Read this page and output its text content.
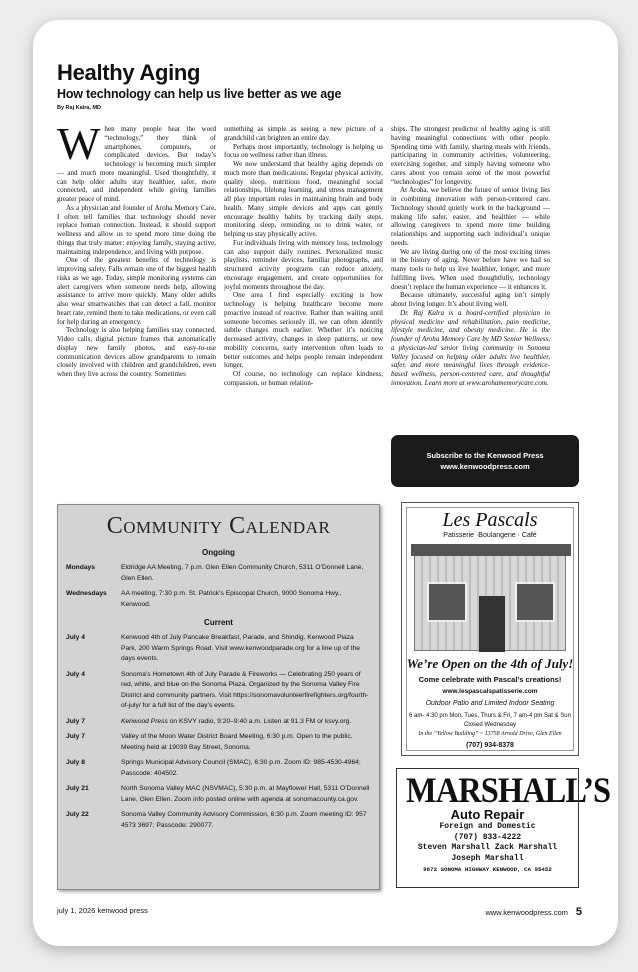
Healthy Aging
How technology can help us live better as we age
By Raj Kalra, MD
W hen many people hear the word “technology,” they think of smartphones, computers, or complicated devices. But today’s technology is becoming much simpler — and much more meaningful. Used thoughtfully, it can help older adults stay healthier, safer, more connected, and independent while giving families greater peace of mind.

As a physician and founder of Aroha Memory Care, I often tell families that technology should never replace human connection. Instead, it should support wellness and allow us to spend more time doing the things that truly matter: enjoying family, staying active, maintaining independence, and living with purpose.

One of the greatest benefits of technology is improving safety. Falls remain one of the biggest health risks as we age. Today, simple monitoring systems can alert caregivers when someone needs help, allowing assistance to arrive more quickly. Many older adults also wear smartwatches that can detect a fall, monitor heart rate, remind them to take medications, or even call for help during an emergency.

Technology is also helping families stay connected. Video calls, digital picture frames that automatically display new family photos, and easy-to-use communication devices allow grandparents to remain closely involved with children and grandchildren, even when they live across the country. Sometimes

something as simple as seeing a new picture of a grandchild can brighten an entire day.

Perhaps most importantly, technology is helping us focus on wellness rather than illness.

We now understand that healthy aging depends on much more than medications. Regular physical activity, quality sleep, nutritious food, meaningful social relationships, lifelong learning, and stress management all play important roles in maintaining brain and body health. Many simple devices and apps can gently encourage healthy habits by tracking daily steps, monitoring sleep, reminding us to drink water, or helping us stay physically active.

For individuals living with memory loss, technology can also support daily routines. Personalized music playlists, reminder devices, familiar photographs, and structured activity programs can reduce anxiety, encourage engagement, and create opportunities for joyful moments throughout the day.

One area I find especially exciting is how technology is helping healthcare become more proactive instead of reactive. Rather than waiting until someone becomes seriously ill, we can often identify subtle changes much earlier. Whether it’s noticing decreased activity, changes in sleep patterns, or new mobility concerns, early intervention often leads to better outcomes and helps people remain independent longer.

Of course, no technology can replace kindness, compassion, or human relation-

ships. The strongest predictor of healthy aging is still having meaningful connections with other people. Spending time with family, sharing meals with friends, participating in community activities, volunteering, exercising together, and simply having someone who cares about you remain some of the most powerful “technologies” for longevity.

At Aroha, we believe the future of senior living lies in combining innovation with person-centered care. Technology should quietly work in the background — making life safer, easier, and healthier — while allowing caregivers to spend more time building relationships and supporting each individual’s unique needs.

We are living during one of the most exciting times in the history of aging. Never before have we had so many tools to help us live healthier, longer, and more fulfilling lives. When used thoughtfully, technology doesn’t replace the human experience — it enhances it.

Because ultimately, successful aging isn’t simply about living longer. It’s about living well.

Dr. Raj Kalra is a board-certified physician in physical medicine and rehabilitation, pain medicine, lifestyle medicine, and obesity medicine. He is the founder of Aroha Memory Care by MD Senior Wellness, a physician-led senior living community in Sonoma Valley focused on helping older adults live healthier, safer, and more meaningful lives through evidence-based wellness, person-centered care, and thoughtful innovation. Learn more at www.arohamemorycare.com.

Subscribe to the Kenwood Press
www.kenwoodpress.com
Community Calendar
Ongoing
Mondays	Eldridge AA Meeting, 7 p.m. Glen Ellen Community Church, 5311 O’Donnell Lane, Glen Ellen.
Wednesdays	AA meeting, 7:30 p.m. St. Patrick’s Episcopal Church, 9000 Sonoma Hwy., Kenwood.
Current
July 4	Kenwood 4th of July Pancake Breakfast, Parade, and Shindig. Kenwood Plaza Park, 200 Warm Springs Road. Visit www.kenwoodparade.org for a line up of the days events.
July 4	Sonoma’s Hometown 4th of July Parade & Fireworks — Celebrating 250 years of red, white, and blue on the Sonoma Plaza. Organized by the Sonoma Valley Fire District and community partners. Visit https://sonomavolunteerfirefighters.org/fourth-of-july/ for a full list of the day’s events.
July 7	Kenwood Press on KSVY radio, 9:20–9:40 a.m. Listen at 91.3 FM or ksvy.org.
July 7	Valley of the Moon Water District Board Meeting, 6:30 p.m. Open to the public. Meeting held at 19039 Bay Street, Sonoma.
July 8	Springs Municipal Advisory Council (SMAC), 6:30 p.m. Zoom ID: 985-4530-4964; Passcode: 404502.
July 21	North Sonoma Valley MAC (NSVMAC), 5:30 p.m. at Mayflower Hall, 5311 O’Donnell Lane, Glen Ellen. Zoom info posted online with agenda at sonomacounty.ca.gov.
July 22	Sonoma Valley Community Advisory Commission, 6:30 p.m. Zoom meeting ID: 957 4573 3697; Passcode: 290077.
Les Pascals
Patisserie ·Boulangerie · Café
We’re Open on the 4th of July!
Come celebrate with Pascal’s creations!
www.lespascalspatisserie.com
Outdoor Patio and Limited Indoor Seating
6 am- 4:30 pm Mon, Tues, Thurs & Fri, 7 am-4 pm Sat & Sun Closed Wednesday
In the “Yellow Building” ~ 13758 Arnold Drive, Glen Ellen
(707) 934-8378
MARSHALL’S
Auto Repair
Foreign and Domestic
(707) 833-4222
Steven Marshall Zack Marshall
Joseph Marshall
9672 SONOMA HIGHWAY KENWOOD, CA 95452
july 1, 2026 kenwood press	www.kenwoodpress.com 5
